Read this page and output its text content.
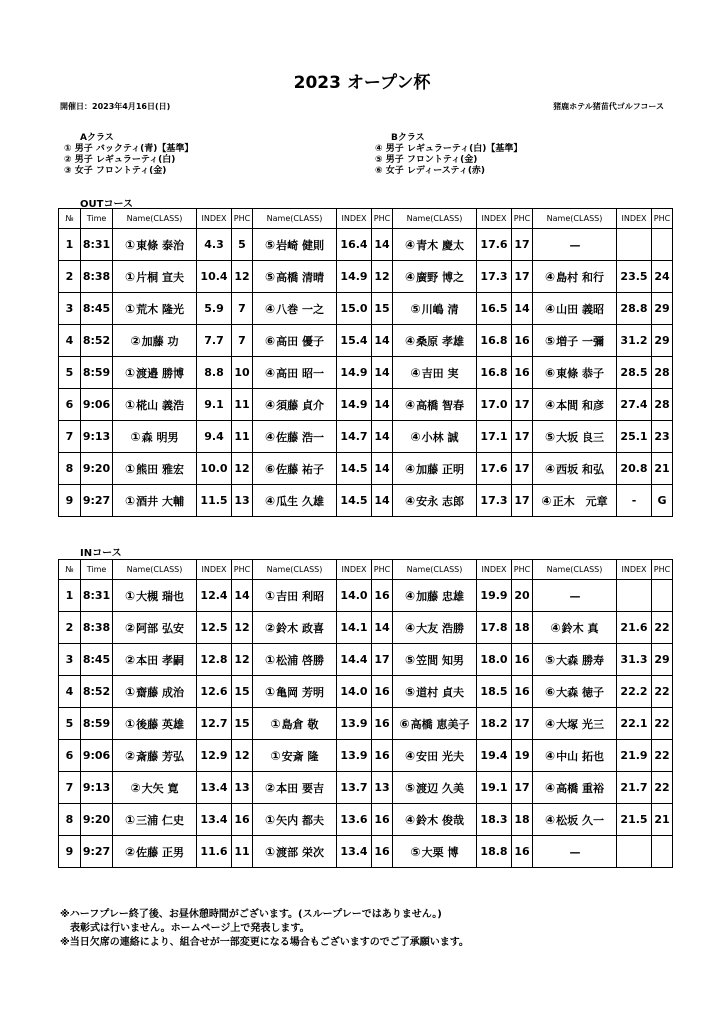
2023 オープン杯
開催日：2023年4月16日(日)	猪鹿ホテル猪苗代ゴルフコース
Aクラス
① 男子 バックティ(青)【基準】
② 男子 レギュラーティ(白)
③ 女子 フロントティ(金)
Bクラス
④ 男子 レギュラーティ(白)【基準】
⑤ 男子 フロントティ(金)
⑥ 女子 レディースティ(赤)
OUTコース
№	Time	Name(CLASS)	INDEX	PHC	Name(CLASS)	INDEX	PHC	Name(CLASS)	INDEX	PHC	Name(CLASS)	INDEX	PHC
1	8:31	①東條 泰治	4.3	5	⑤岩崎 健則	16.4	14	④青木 慶太	17.6	17	—		
2	8:38	①片桐 宣夫	10.4	12	⑤高橋 清晴	14.9	12	④廣野 博之	17.3	17	④島村 和行	23.5	24
3	8:45	①荒木 隆光	5.9	7	④八巻 一之	15.0	15	⑤川嶋 清	16.5	14	④山田 義昭	28.8	29
4	8:52	②加藤 功	7.7	7	⑥高田 優子	15.4	14	④桑原 孝雄	16.8	16	⑤増子 一彌	31.2	29
5	8:59	①渡邉 勝博	8.8	10	④高田 昭一	14.9	14	④吉田 実	16.8	16	⑥東條 恭子	28.5	28
6	9:06	①椛山 義浩	9.1	11	④須藤 貞介	14.9	14	④高橋 智春	17.0	17	④本間 和彦	27.4	28
7	9:13	①森 明男	9.4	11	④佐藤 浩一	14.7	14	④小林 誠	17.1	17	⑤大坂 良三	25.1	23
8	9:20	①熊田 雅宏	10.0	12	⑥佐藤 祐子	14.5	14	④加藤 正明	17.6	17	④西坂 和弘	20.8	21
9	9:27	①酒井 大輔	11.5	13	④瓜生 久雄	14.5	14	④安永 志郎	17.3	17	④正木　元章	-	G
INコース
№	Time	Name(CLASS)	INDEX	PHC	Name(CLASS)	INDEX	PHC	Name(CLASS)	INDEX	PHC	Name(CLASS)	INDEX	PHC
1	8:31	①大槻 瑞也	12.4	14	①吉田 利昭	14.0	16	④加藤 忠雄	19.9	20	—		
2	8:38	②阿部 弘安	12.5	12	②鈴木 政喜	14.1	14	④大友 浩勝	17.8	18	④鈴木 真	21.6	22
3	8:45	②本田 孝嗣	12.8	12	①松浦 啓勝	14.4	17	⑤笠間 知男	18.0	16	⑤大森 勝寿	31.3	29
4	8:52	①齋藤 成治	12.6	15	①亀岡 芳明	14.0	16	⑤道村 貞夫	18.5	16	⑥大森 徳子	22.2	22
5	8:59	①後藤 英雄	12.7	15	①島倉 敬	13.9	16	⑥高橋 恵美子	18.2	17	④大塚 光三	22.1	22
6	9:06	②斎藤 芳弘	12.9	12	①安斎 隆	13.9	16	④安田 光夫	19.4	19	④中山 拓也	21.9	22
7	9:13	②大矢 寛	13.4	13	②本田 要吉	13.7	13	⑤渡辺 久美	19.1	17	④高橋 重裕	21.7	22
8	9:20	①三浦 仁史	13.4	16	①矢内 都夫	13.6	16	④鈴木 俊哉	18.3	18	④松坂 久一	21.5	21
9	9:27	②佐藤 正男	11.6	11	①渡部 栄次	13.4	16	⑤大栗 博	18.8	16	—		
※ハーフプレー終了後、お昼休憩時間がございます。(スループレーではありません。)
　表彰式は行いません。ホームページ上で発表します。
※当日欠席の連絡により、組合せが一部変更になる場合もございますのでご了承願います。
